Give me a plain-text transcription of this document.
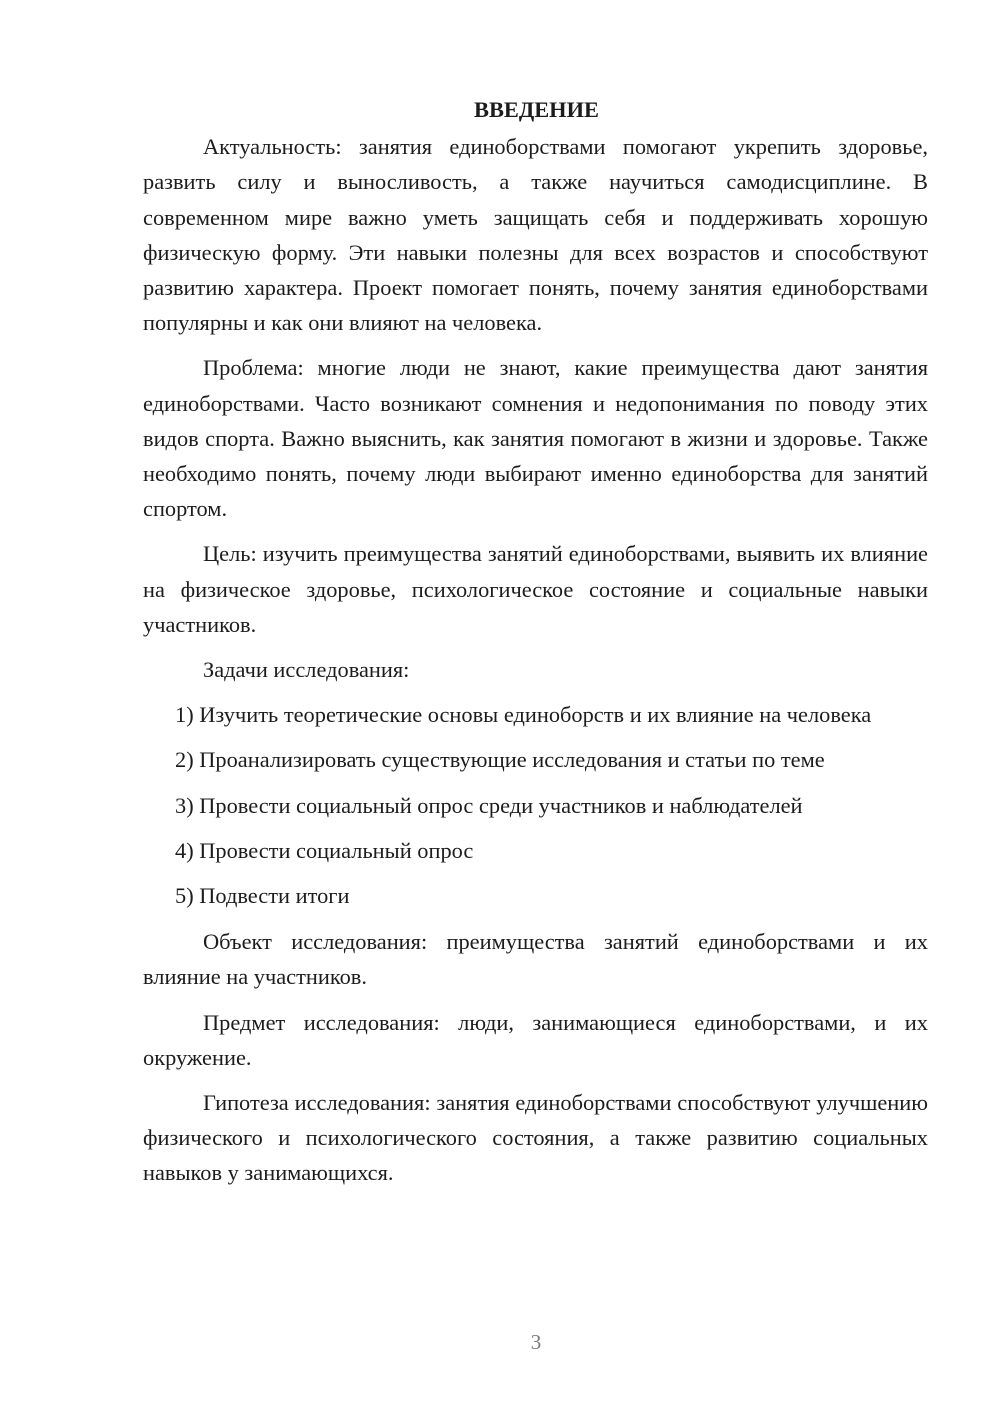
ВВЕДЕНИЕ

Актуальность: занятия единоборствами помогают укрепить здоровье, развить силу и выносливость, а также научиться самодисциплине. В современном мире важно уметь защищать себя и поддерживать хорошую физическую форму. Эти навыки полезны для всех возрастов и способствуют развитию характера. Проект помогает понять, почему занятия единоборствами популярны и как они влияют на человека.

Проблема: многие люди не знают, какие преимущества дают занятия единоборствами. Часто возникают сомнения и недопонимания по поводу этих видов спорта. Важно выяснить, как занятия помогают в жизни и здоровье. Также необходимо понять, почему люди выбирают именно единоборства для занятий спортом.

Цель: изучить преимущества занятий единоборствами, выявить их влияние на физическое здоровье, психологическое состояние и социальные навыки участников.

Задачи исследования:

1) Изучить теоретические основы единоборств и их влияние на человека

2) Проанализировать существующие исследования и статьи по теме

3) Провести социальный опрос среди участников и наблюдателей

4) Провести социальный опрос

5) Подвести итоги

Объект исследования: преимущества занятий единоборствами и их влияние на участников.

Предмет исследования: люди, занимающиеся единоборствами, и их окружение.

Гипотеза исследования: занятия единоборствами способствуют улучшению физического и психологического состояния, а также развитию социальных навыков у занимающихся.

3
